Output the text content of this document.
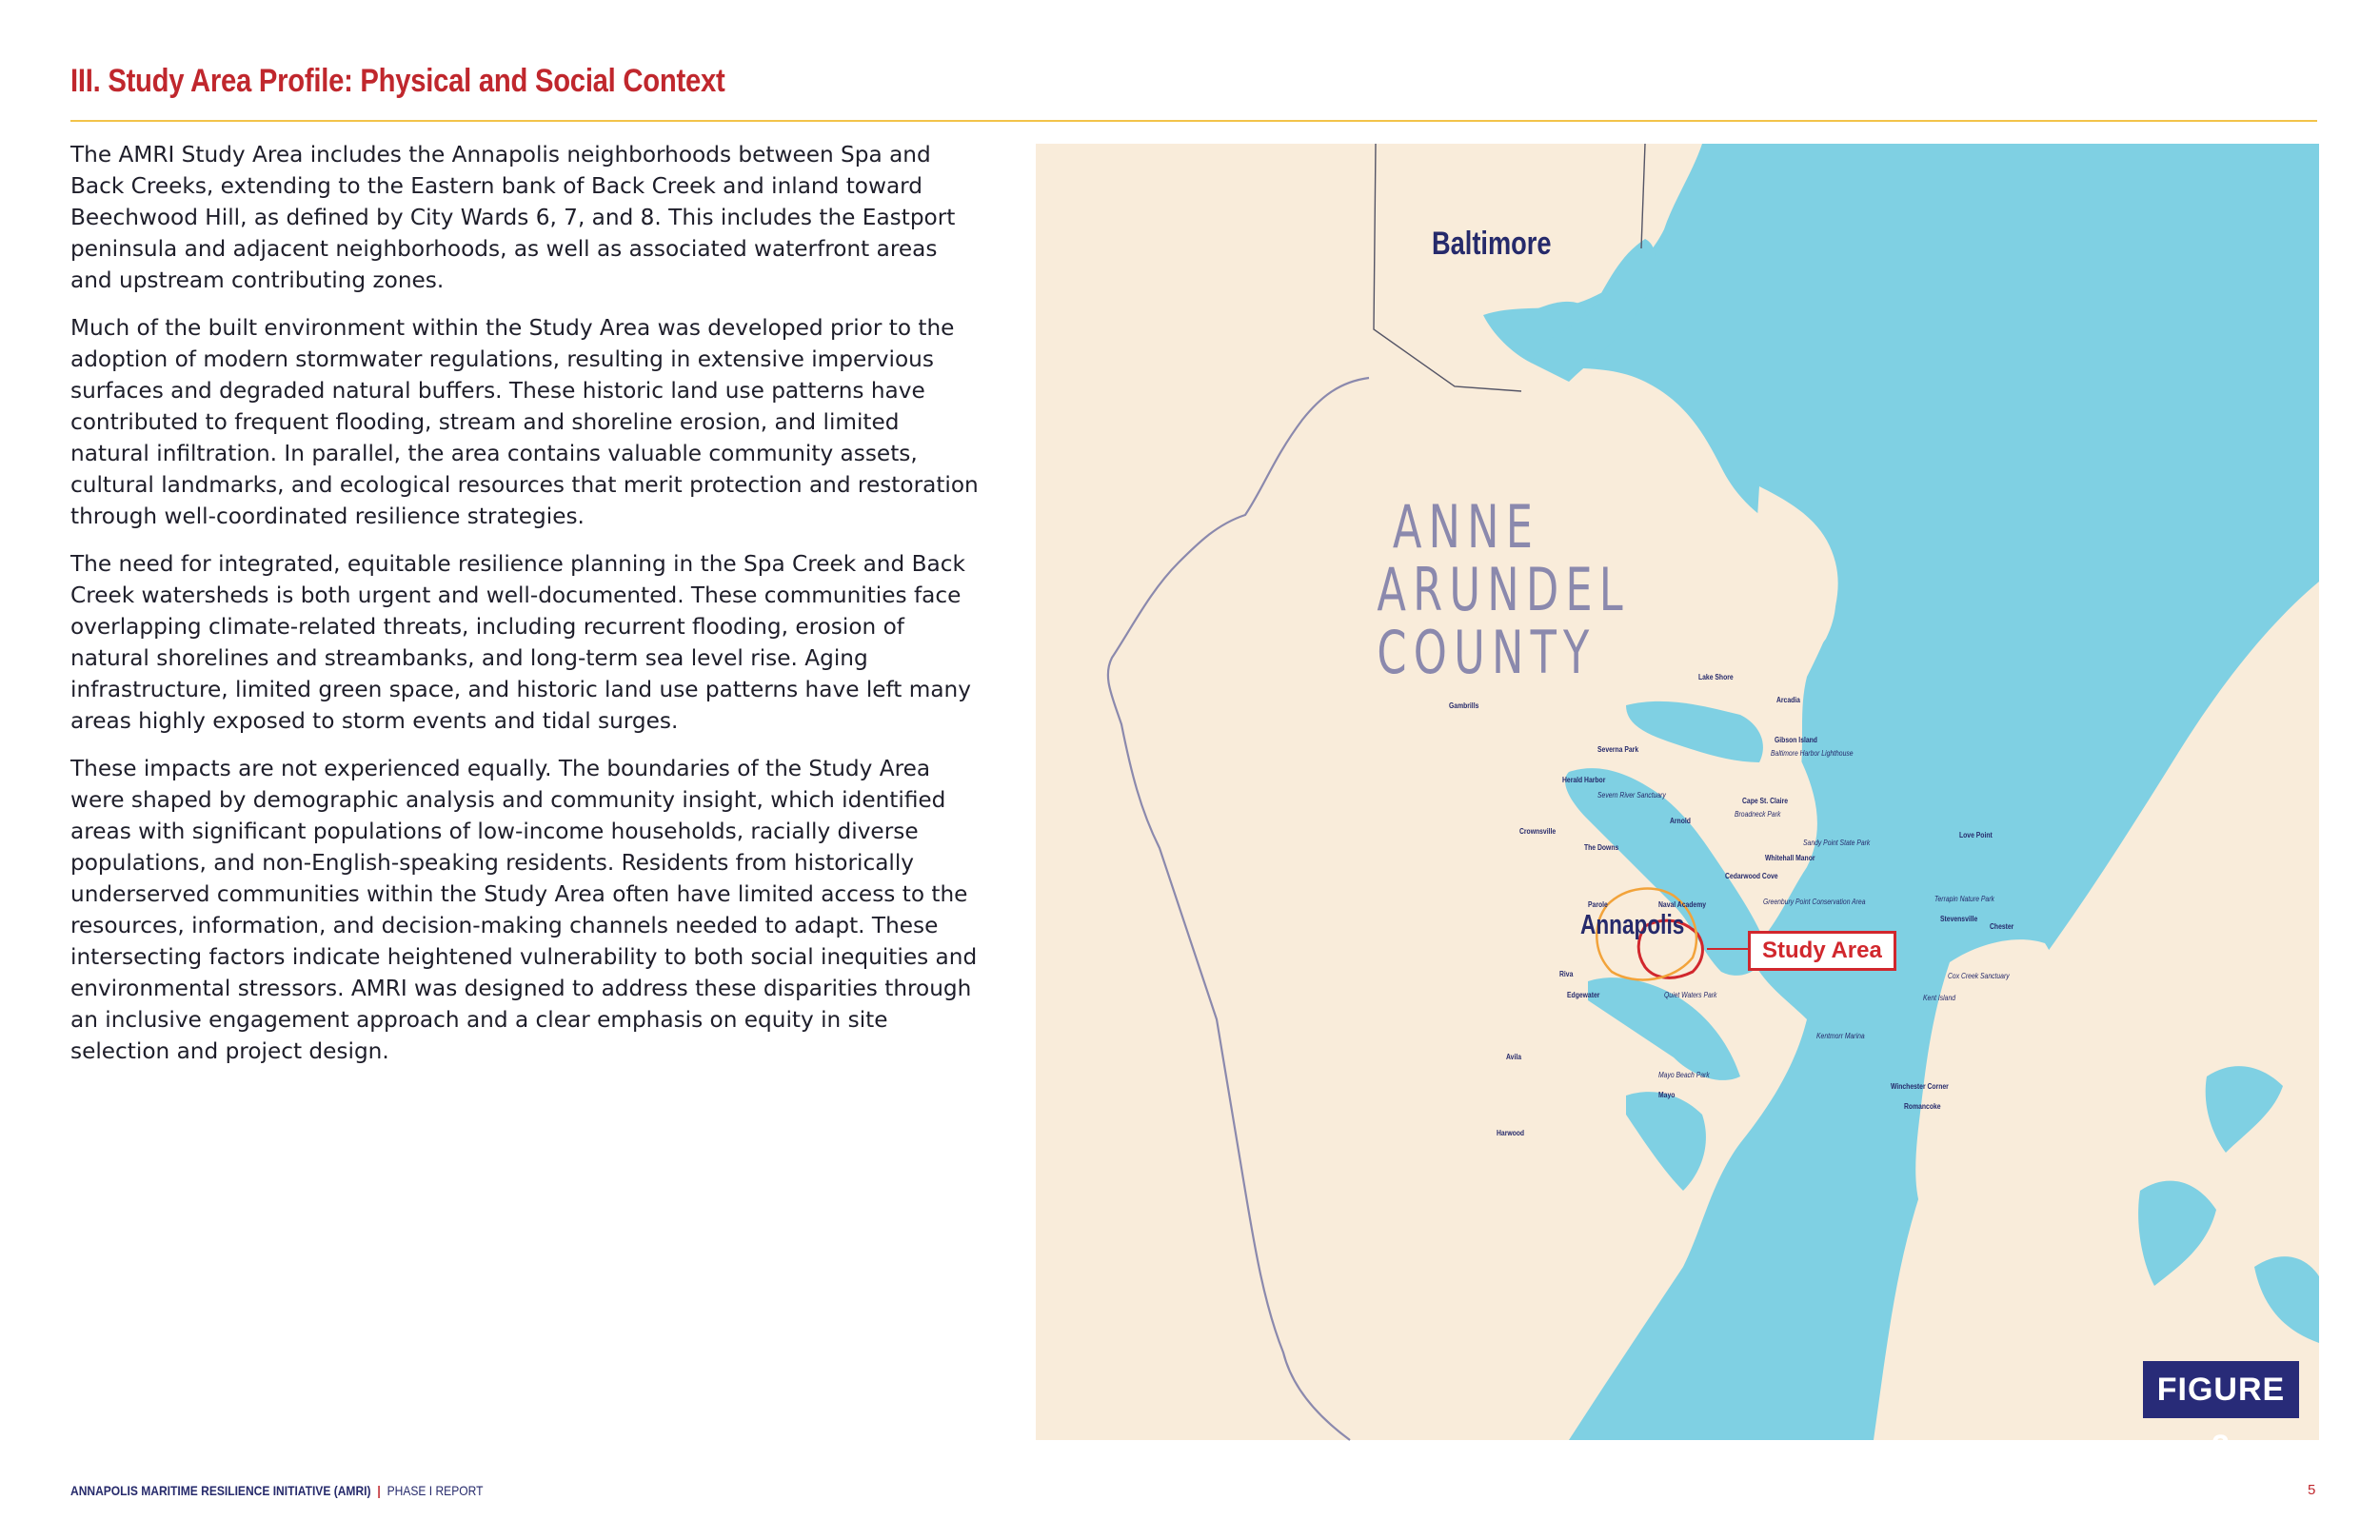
III. Study Area Profile: Physical and Social Context

The AMRI Study Area includes the Annapolis neighborhoods between Spa and Back Creeks, extending to the Eastern bank of Back Creek and inland toward Beechwood Hill, as defined by City Wards 6, 7, and 8. This includes the Eastport peninsula and adjacent neighborhoods, as well as associated waterfront areas and upstream contributing zones.

Much of the built environment within the Study Area was developed prior to the adoption of modern stormwater regulations, resulting in extensive impervious surfaces and degraded natural buffers. These historic land use patterns have contributed to frequent flooding, stream and shoreline erosion, and limited natural infiltration. In parallel, the area contains valuable community assets, cultural landmarks, and ecological resources that merit protection and restoration through well-coordinated resilience strategies.

The need for integrated, equitable resilience planning in the Spa Creek and Back Creek watersheds is both urgent and well-documented. These communities face overlapping climate-related threats, including recurrent flooding, erosion of natural shorelines and streambanks, and long-term sea level rise. Aging infrastructure, limited green space, and historic land use patterns have left many areas highly exposed to storm events and tidal surges.

These impacts are not experienced equally. The boundaries of the Study Area were shaped by demographic analysis and community insight, which identified areas with significant populations of low-income households, racially diverse populations, and non-English-speaking residents. Residents from historically underserved communities within the Study Area often have limited access to the resources, information, and decision-making channels needed to adapt. These intersecting factors indicate heightened vulnerability to both social inequities and environmental stressors. AMRI was designed to address these disparities through an inclusive engagement approach and a clear emphasis on equity in site selection and project design.

Baltimore
ANNE
ARUNDEL
COUNTY	Lake Shore
Arcadia
Gibson Island
Baltimore Harbor Lighthouse
Gambrills
Severna Park
Herald Harbor
Severn River Sanctuary
Cape St. Claire
Broadneck Park
Crownsville
Arnold
The Downs
Sandy Point State Park
Whitehall Manor
Love Point
Cedarwood Cove
Parole	Naval Academy	Greenbury Point Conservation Area	Terrapin Nature Park
Stevensville
Chester
Riva
Edgewater	Quiet Waters Park
Cox Creek Sanctuary
Kent Island
Kentmorr Marina
Mayo Beach Park
Mayo
Winchester Corner
Romancoke
Avila
Harwood
Annapolis
Study Area
FIGURE 2
ANNAPOLIS MARITIME RESILIENCE INITIATIVE (AMRI) | PHASE I REPORT	5
